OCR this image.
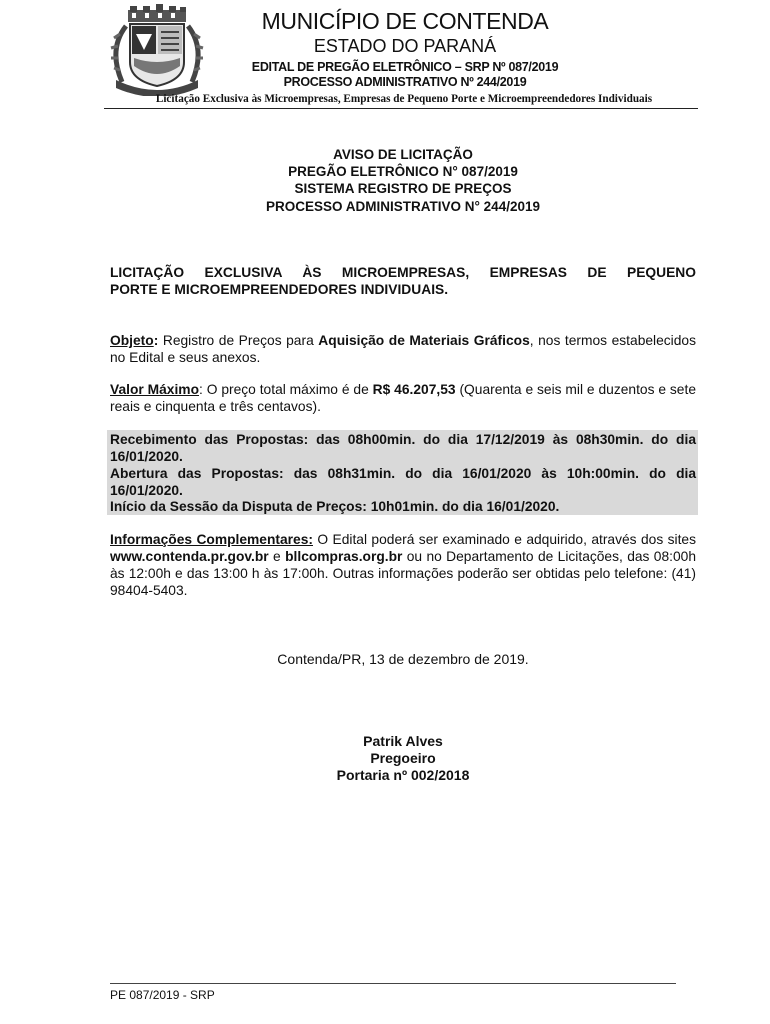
MUNICÍPIO DE CONTENDA
ESTADO DO PARANÁ
EDITAL DE PREGÃO ELETRÔNICO – SRP Nº 087/2019
PROCESSO ADMINISTRATIVO Nº 244/2019
Licitação Exclusiva às Microempresas, Empresas de Pequeno Porte e Microempreendedores Individuais
AVISO DE LICITAÇÃO
PREGÃO ELETRÔNICO N° 087/2019
SISTEMA REGISTRO DE PREÇOS
PROCESSO ADMINISTRATIVO N° 244/2019
LICITAÇÃO EXCLUSIVA ÀS MICROEMPRESAS, EMPRESAS DE PEQUENO
PORTE E MICROEMPREENDEDORES INDIVIDUAIS.
Objeto: Registro de Preços para Aquisição de Materiais Gráficos, nos termos estabelecidos no Edital e seus anexos.
Valor Máximo: O preço total máximo é de R$ 46.207,53 (Quarenta e seis mil e duzentos e sete reais e cinquenta e três centavos).
Recebimento das Propostas: das 08h00min. do dia 17/12/2019 às 08h30min. do dia 16/01/2020.
Abertura das Propostas: das 08h31min. do dia 16/01/2020 às 10h:00min. do dia 16/01/2020.
Início da Sessão da Disputa de Preços: 10h01min. do dia 16/01/2020.
Informações Complementares: O Edital poderá ser examinado e adquirido, através dos sites www.contenda.pr.gov.br e bllcompras.org.br ou no Departamento de Licitações, das 08:00h às 12:00h e das 13:00 h às 17:00h. Outras informações poderão ser obtidas pelo telefone: (41) 98404-5403.
Contenda/PR, 13 de dezembro de 2019.
Patrik Alves
Pregoeiro
Portaria nº 002/2018
PE 087/2019 - SRP
